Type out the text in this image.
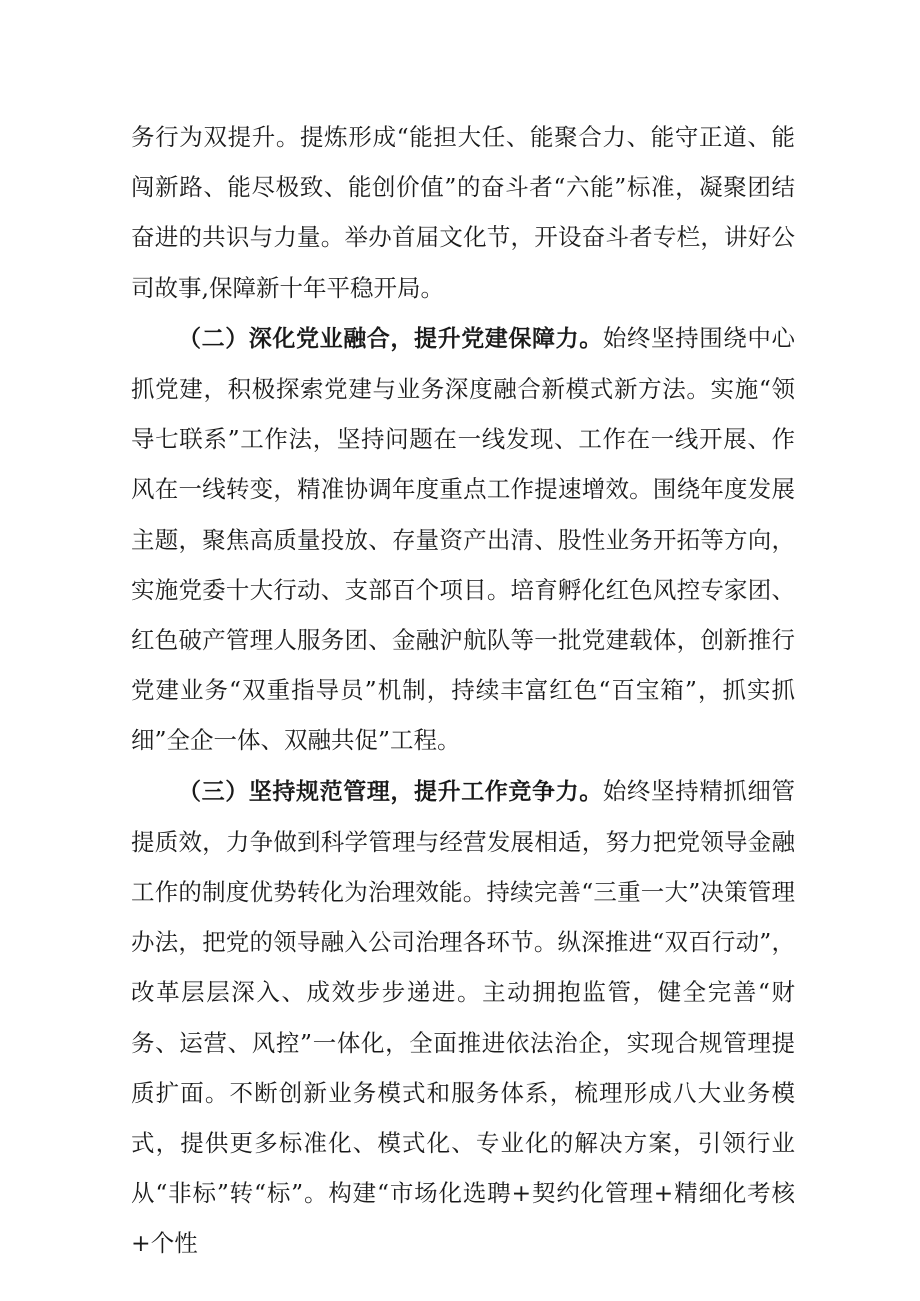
务行为双提升。提炼形成“能担大任、能聚合力、能守正道、能闯新路、能尽极致、能创价值”的奋斗者“六能”标准，凝聚团结奋进的共识与力量。举办首届文化节，开设奋斗者专栏，讲好公司故事,保障新十年平稳开局。

（二）深化党业融合，提升党建保障力。始终坚持围绕中心抓党建，积极探索党建与业务深度融合新模式新方法。实施“领导七联系”工作法，坚持问题在一线发现、工作在一线开展、作风在一线转变，精准协调年度重点工作提速增效。围绕年度发展主题，聚焦高质量投放、存量资产出清、股性业务开拓等方向，实施党委十大行动、支部百个项目。培育孵化红色风控专家团、红色破产管理人服务团、金融沪航队等一批党建载体，创新推行党建业务“双重指导员”机制，持续丰富红色“百宝箱”，抓实抓细”全企一体、双融共促”工程。

（三）坚持规范管理，提升工作竞争力。始终坚持精抓细管提质效，力争做到科学管理与经营发展相适，努力把党领导金融工作的制度优势转化为治理效能。持续完善“三重一大”决策管理办法，把党的领导融入公司治理各环节。纵深推进“双百行动”，改革层层深入、成效步步递进。主动拥抱监管，健全完善“财务、运营、风控”一体化，全面推进依法治企，实现合规管理提质扩面。不断创新业务模式和服务体系，梳理形成八大业务模式，提供更多标准化、模式化、专业化的解决方案，引领行业从“非标”转“标”。构建“市场化选聘+契约化管理+精细化考核+个性
